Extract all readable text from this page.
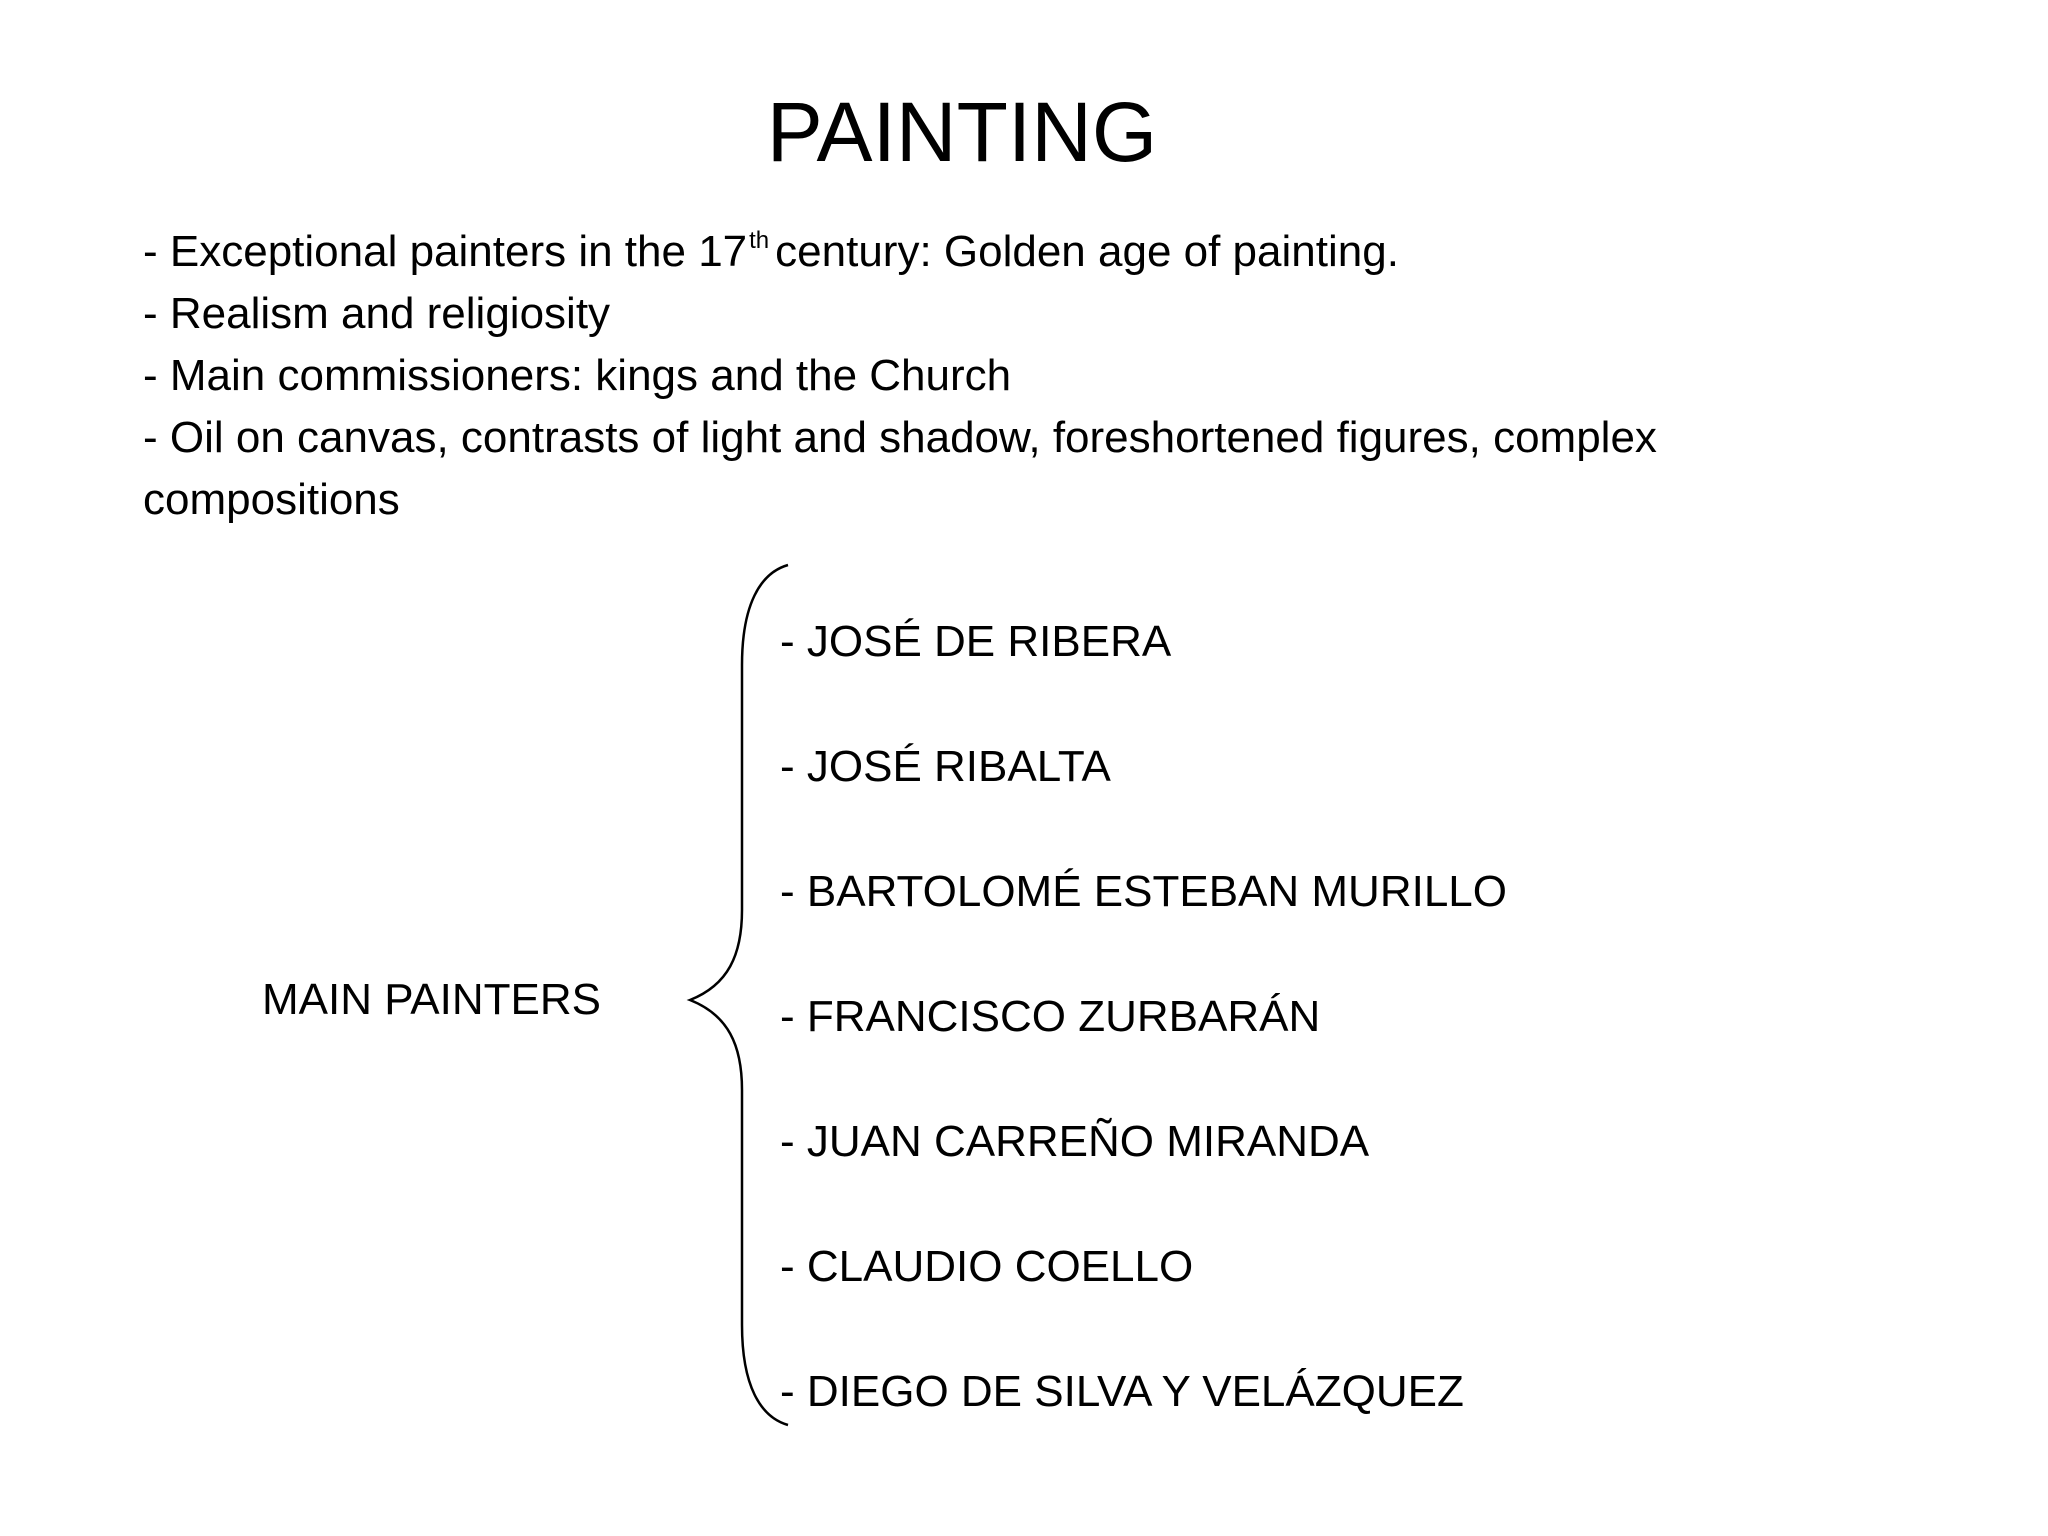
PAINTING
- Exceptional painters in the 17th century: Golden age of painting.
- Realism and religiosity
- Main commissioners: kings and the Church
- Oil on canvas, contrasts of light and shadow, foreshortened figures, complex
compositions
MAIN PAINTERS
- JOSÉ DE RIBERA
- JOSÉ RIBALTA
- BARTOLOMÉ ESTEBAN MURILLO
- FRANCISCO ZURBARÁN
- JUAN CARREÑO MIRANDA
- CLAUDIO COELLO
- DIEGO DE SILVA Y VELÁZQUEZ
